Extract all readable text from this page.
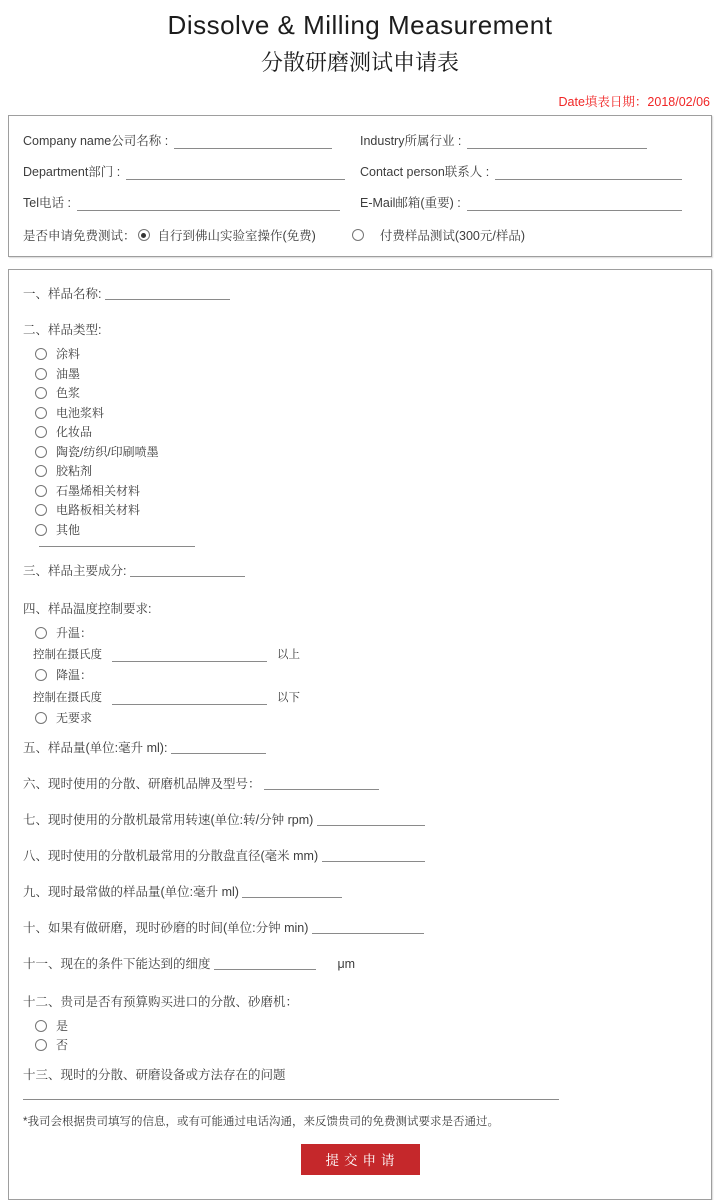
Dissolve & Milling Measurement
分散研磨测试申请表
Date填表日期：2018/02/06
Company name公司名称 :	Industry所属行业 :
Department部门 :	Contact person联系人 :
Tel电话 :	E-Mail邮箱(重要) :
是否申请免费测试： 自行到佛山实验室操作(免费)	付费样品测试(300元/样品)
一、样品名称:
二、样品类型:
涂料
油墨
色浆
电池浆料
化妆品
陶瓷/纺织/印刷喷墨
胶粘剂
石墨烯相关材料
电路板相关材料
其他
三、样品主要成分:
四、样品温度控制要求:
升温：
控制在摄氏度	以上
降温：
控制在摄氏度	以下
无要求
五、样品量(单位:毫升 ml):
六、现时使用的分散、研磨机品牌及型号：
七、现时使用的分散机最常用转速(单位:转/分钟 rpm)
八、现时使用的分散机最常用的分散盘直径(毫米 mm)
九、现时最常做的样品量(单位:毫升 ml)
十、如果有做研磨，现时砂磨的时间(单位:分钟 min)
十一、现在的条件下能达到的细度	μm
十二、贵司是否有预算购买进口的分散、砂磨机：
是
否
十三、现时的分散、研磨设备或方法存在的问题
*我司会根据贵司填写的信息，或有可能通过电话沟通，来反馈贵司的免费测试要求是否通过。
提交申请
